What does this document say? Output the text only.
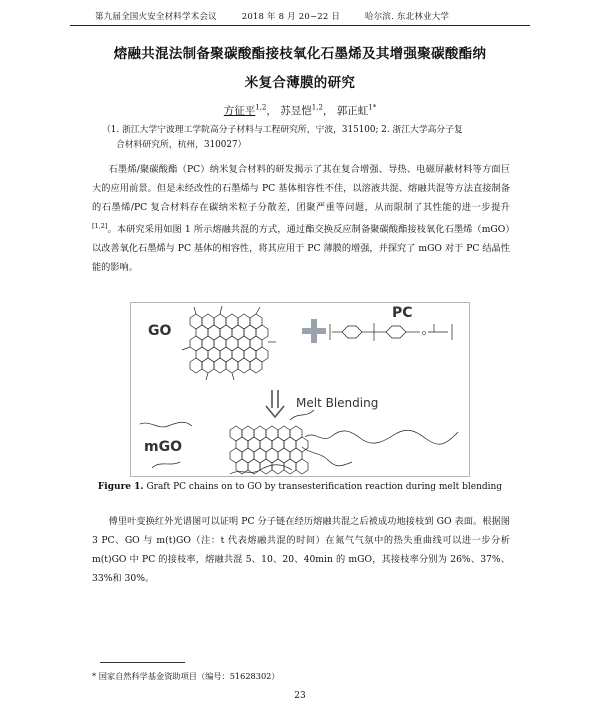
第九届全国火安全材料学术会议	2018 年 8 月 20~22 日	哈尔滨. 东北林业大学
熔融共混法制备聚碳酸酯接枝氧化石墨烯及其增强聚碳酸酯纳
米复合薄膜的研究
方征平$^{1,2}$， 苏昱恺$^{1,2}$， 郭正虹$^{1*}$
（1. 浙江大学宁波理工学院高分子材料与工程研究所，宁波，315100; 2. 浙江大学高分子复
合材料研究所，杭州，310027）

石墨烯/聚碳酸酯（PC）纳米复合材料的研发揭示了其在复合增强、导热、电磁屏蔽材料等方面巨大的应用前景。但是未经改性的石墨烯与 PC 基体相容性不佳，以溶液共混、熔融共混等方法直接制备的石墨烯/PC 复合材料存在碳纳米粒子分散差，团聚严重等问题，从而限制了其性能的进一步提升[1,2]。本研究采用如图 1 所示熔融共混的方式，通过酯交换反应制备聚碳酸酯接枝氧化石墨烯（mGO）以改善氧化石墨烯与 PC 基体的相容性，将其应用于 PC 薄膜的增强，并探究了 mGO 对于 PC 结晶性能的影响。

GO
PC
O
Melt Blending
mGO
Figure 1. Graft PC chains on to GO by transesterification reaction during melt blending

傅里叶变换红外光谱图可以证明 PC 分子链在经历熔融共混之后被成功地接枝到 GO 表面。根据图 3 PC、GO 与 m(t)GO（注：t 代表熔融共混的时间）在氮气气氛中的热失重曲线可以进一步分析 m(t)GO 中 PC 的接枝率，熔融共混 5、10、20、40min 的 mGO，其接枝率分别为 26%、37%、33%和 30%。

* 国家自然科学基金资助项目（编号：51628302）
23
